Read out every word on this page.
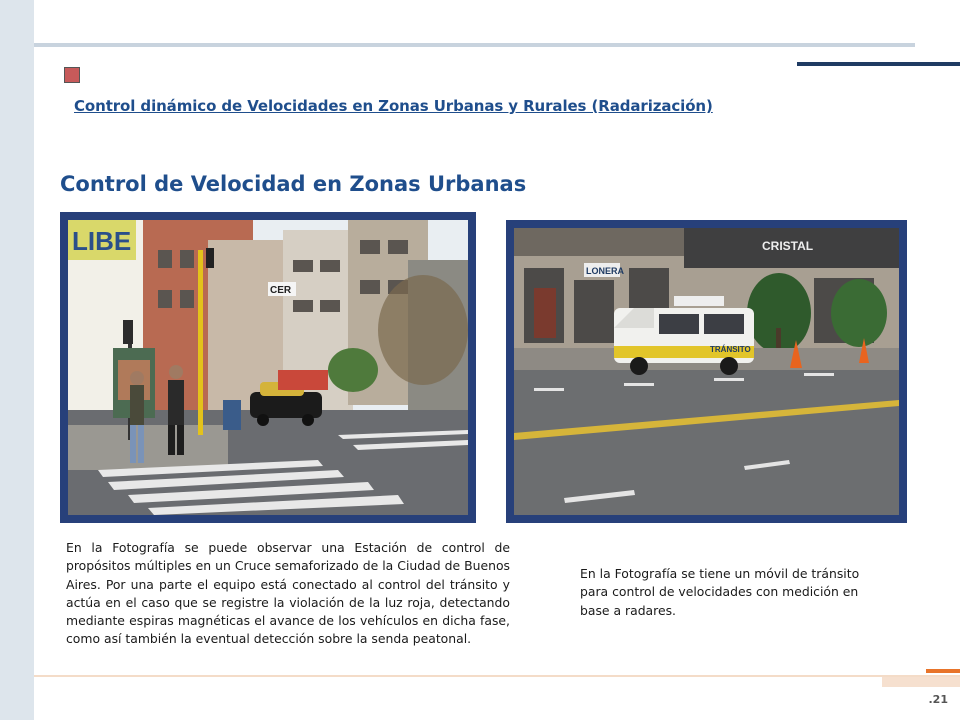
Control dinámico de Velocidades en Zonas Urbanas y Rurales (Radarización)
Control de Velocidad en Zonas Urbanas
LIBE
CER
CRISTAL
LONERA
TRÁNSITO

En la Fotografía se puede observar una Estación de control de propósitos múltiples en un Cruce semaforizado de la Ciudad de Buenos Aires. Por una parte el equipo está conectado al control del tránsito y actúa en el caso que se registre la violación de la luz roja, detectando mediante espiras magnéticas el avance de los vehículos en dicha fase, como así también la eventual detección sobre la senda peatonal.

En la Fotografía se tiene un móvil de tránsito para control de velocidades con medición en base a radares.

.21
